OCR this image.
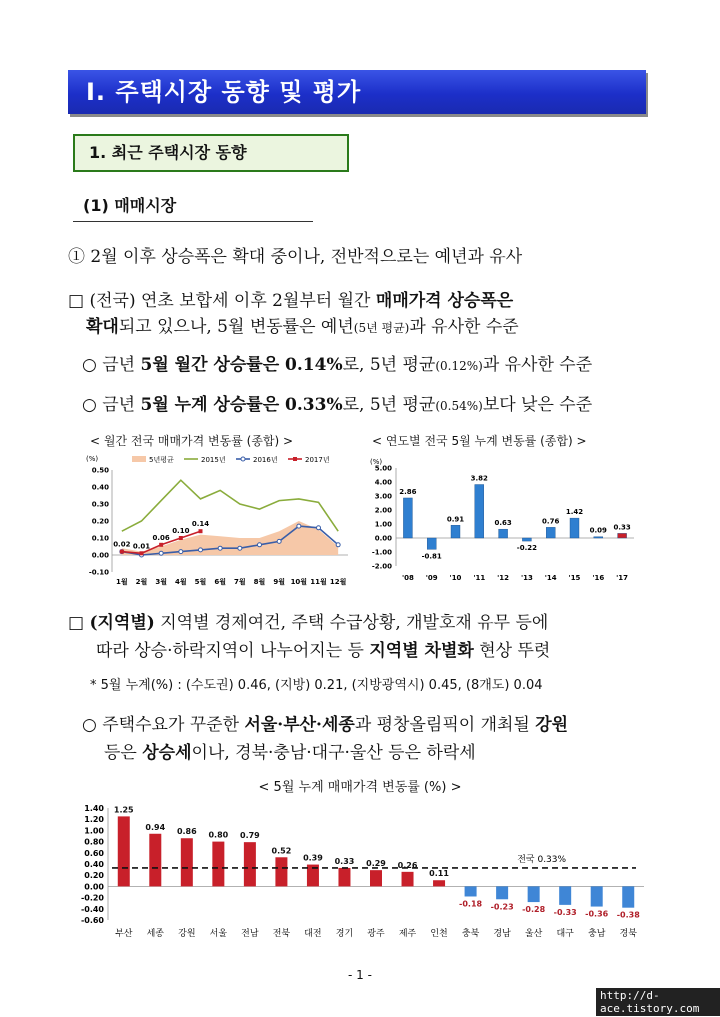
Ⅰ. 주택시장 동향 및 평가
1. 최근 주택시장 동향
(1) 매매시장
① 2월 이후 상승폭은 확대 중이나, 전반적으로는 예년과 유사
□ (전국) 연초 보합세 이후 2월부터 월간 매매가격 상승폭은
확대되고 있으나, 5월 변동률은 예년(5년 평균)과 유사한 수준
○ 금년 5월 월간 상승률은 0.14%로, 5년 평균(0.12%)과 유사한 수준
○ 금년 5월 누계 상승률은 0.33%로, 5년 평균(0.54%)보다 낮은 수준
< 월간 전국 매매가격 변동률 (종합) >	< 연도별 전국 5월 누계 변동률 (종합) >
(%)
-0.10
0.00
0.10
0.20
0.30
0.40
0.50
1월 2월 3월 4월 5월 6월 7월 8월 9월 10월 11월 12월
0.02 0.01
0.06
0.10
0.14
5년평균	2015년	2016년	2017년	(%)
-2.00
-1.00
0.00
1.00
2.00
3.00
4.00
5.00
2.86
-0.81
0.91
3.82
0.63
-0.22
0.76
1.42
0.09 0.33
'08 '09 '10 '11 '12 '13 '14 '15 '16 '17
□ (지역별) 지역별 경제여건, 주택 수급상황, 개발호재 유무 등에
따라 상승·하락지역이 나누어지는 등 지역별 차별화 현상 뚜렷
* 5월 누계(%) : (수도권) 0.46, (지방) 0.21, (지방광역시) 0.45, (8개도) 0.04
○ 주택수요가 꾸준한 서울·부산·세종과 평창올림픽이 개최될 강원
등은 상승세이나, 경북·충남·대구·울산 등은 하락세
< 5월 누계 매매가격 변동률 (%) >
-0.60
-0.40
-0.20
0.00
0.20
0.40
0.60
0.80
1.00
1.20
1.40 1.25
0.94 0.86 0.80 0.79
0.52
0.39 0.33 0.29 0.26
0.11
-0.18 -0.23 -0.28 -0.33 -0.36 -0.38
전국 0.33%
부산 세종 강원 서울 전남 전북 대전 경기 광주 제주 인천 충북 경남 울산 대구 충남 경북
- 1 -
http://d-ace.tistory.com
